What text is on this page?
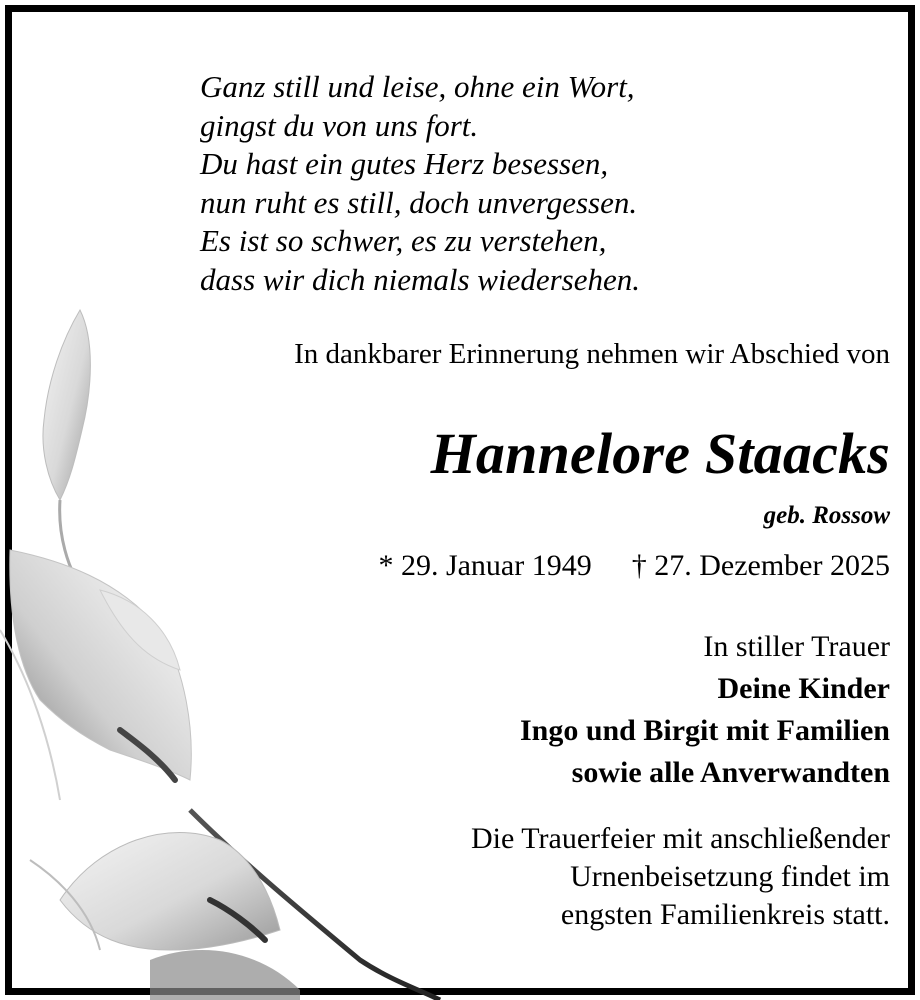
Ganz still und leise, ohne ein Wort,
gingst du von uns fort.
Du hast ein gutes Herz besessen,
nun ruht es still, doch unvergessen.
Es ist so schwer, es zu verstehen,
dass wir dich niemals wiedersehen.
In dankbarer Erinnerung nehmen wir Abschied von
Hannelore Staacks
geb. Rossow
* 29. Januar 1949 † 27. Dezember 2025
In stiller Trauer
Deine Kinder
Ingo und Birgit mit Familien
sowie alle Anverwandten
Die Trauerfeier mit anschließender
Urnenbeisetzung findet im
engsten Familienkreis statt.
